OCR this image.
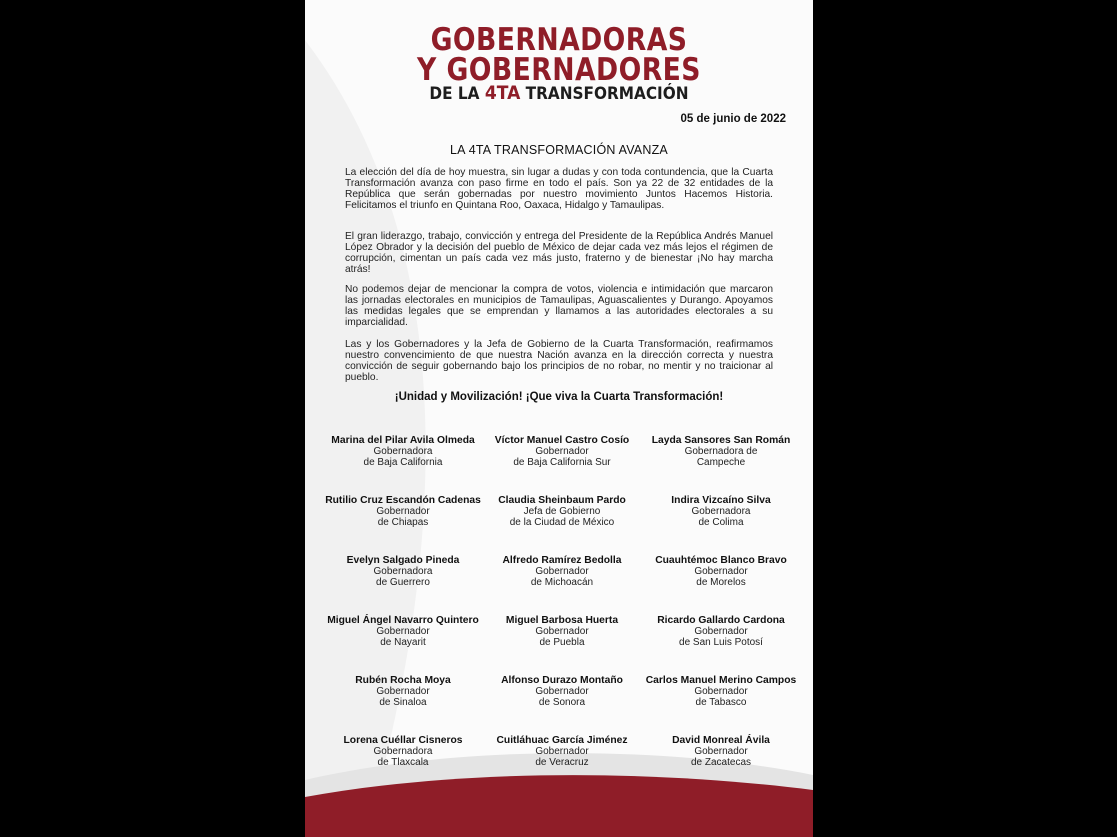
GOBERNADORAS
Y GOBERNADORES
DE LA 4TA TRANSFORMACIÓN
05 de junio de 2022
LA 4TA TRANSFORMACIÓN AVANZA

La elección del día de hoy muestra, sin lugar a dudas y con toda contundencia, que la Cuarta Transformación avanza con paso firme en todo el país. Son ya 22 de 32 entidades de la República que serán gobernadas por nuestro movimiento Juntos Hacemos Historia. Felicitamos el triunfo en Quintana Roo, Oaxaca, Hidalgo y Tamaulipas.

El gran liderazgo, trabajo, convicción y entrega del Presidente de la República Andrés Manuel López Obrador y la decisión del pueblo de México de dejar cada vez más lejos el régimen de corrupción, cimentan un país cada vez más justo, fraterno y de bienestar ¡No hay marcha atrás!

No podemos dejar de mencionar la compra de votos, violencia e intimidación que marcaron las jornadas electorales en municipios de Tamaulipas, Aguascalientes y Durango. Apoyamos las medidas legales que se emprendan y llamamos a las autoridades electorales a su imparcialidad.

Las y los Gobernadores y la Jefa de Gobierno de la Cuarta Transformación, reafirmamos nuestro convencimiento de que nuestra Nación avanza en la dirección correcta y nuestra convicción de seguir gobernando bajo los principios de no robar, no mentir y no traicionar al pueblo.

¡Unidad y Movilización! ¡Que viva la Cuarta Transformación!
Marina del Pilar Avila Olmeda
Gobernadora
de Baja California
Víctor Manuel Castro Cosío
Gobernador
de Baja California Sur
Layda Sansores San Román
Gobernadora de
Campeche
Rutilio Cruz Escandón Cadenas
Gobernador
de Chiapas
Claudia Sheinbaum Pardo
Jefa de Gobierno
de la Ciudad de México
Indira Vizcaíno Silva
Gobernadora
de Colima
Evelyn Salgado Pineda
Gobernadora
de Guerrero
Alfredo Ramírez Bedolla
Gobernador
de Michoacán
Cuauhtémoc Blanco Bravo
Gobernador
de Morelos
Miguel Ángel Navarro Quintero
Gobernador
de Nayarit
Miguel Barbosa Huerta
Gobernador
de Puebla
Ricardo Gallardo Cardona
Gobernador
de San Luis Potosí
Rubén Rocha Moya
Gobernador
de Sinaloa
Alfonso Durazo Montaño
Gobernador
de Sonora
Carlos Manuel Merino Campos
Gobernador
de Tabasco
Lorena Cuéllar Cisneros
Gobernadora
de Tlaxcala
Cuitláhuac García Jiménez
Gobernador
de Veracruz
David Monreal Ávila
Gobernador
de Zacatecas
